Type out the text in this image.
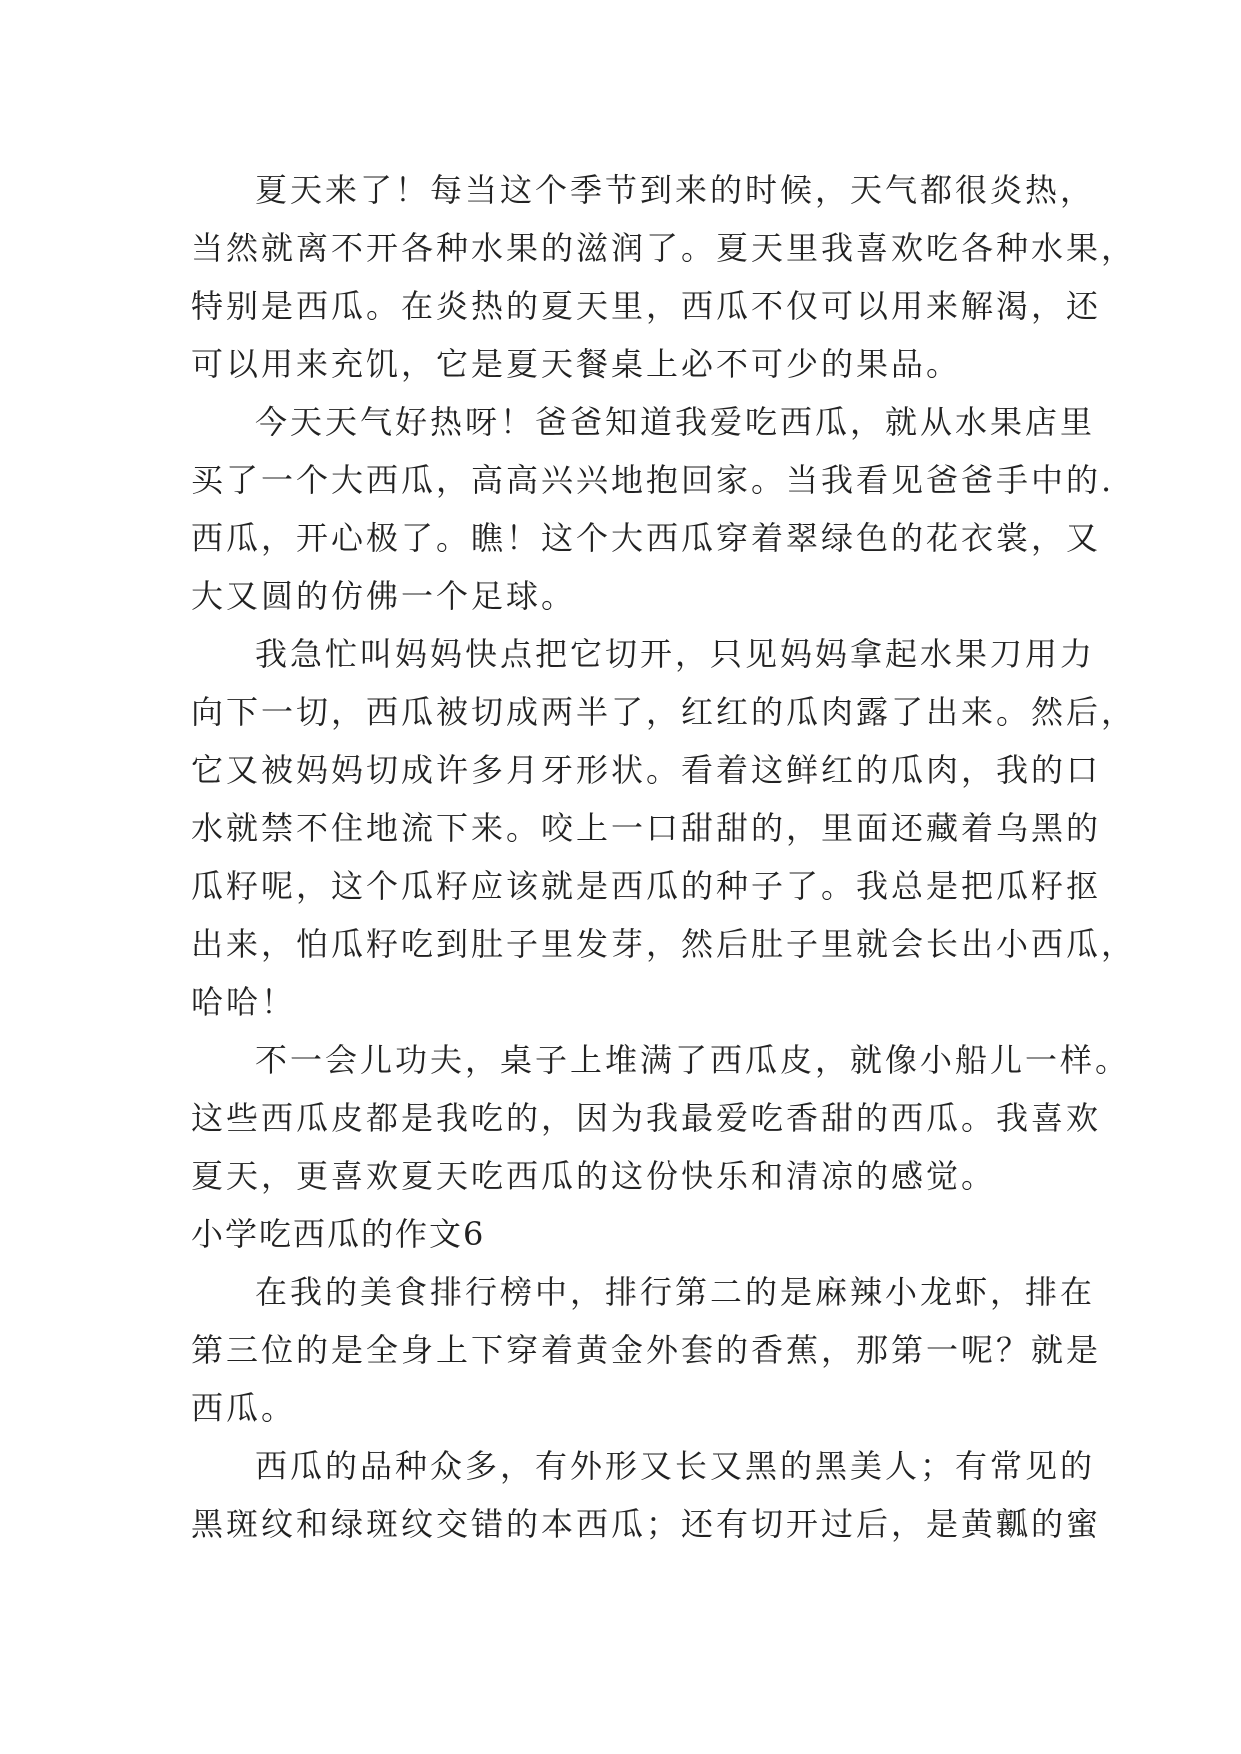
夏天来了！每当这个季节到来的时候，天气都很炎热，
当然就离不开各种水果的滋润了。夏天里我喜欢吃各种水果，
特别是西瓜。在炎热的夏天里，西瓜不仅可以用来解渴，还
可以用来充饥，它是夏天餐桌上必不可少的果品。
今天天气好热呀！爸爸知道我爱吃西瓜，就从水果店里
买了一个大西瓜，高高兴兴地抱回家。当我看见爸爸手中的.
西瓜，开心极了。瞧！这个大西瓜穿着翠绿色的花衣裳，又
大又圆的仿佛一个足球。
我急忙叫妈妈快点把它切开，只见妈妈拿起水果刀用力
向下一切，西瓜被切成两半了，红红的瓜肉露了出来。然后，
它又被妈妈切成许多月牙形状。看着这鲜红的瓜肉，我的口
水就禁不住地流下来。咬上一口甜甜的，里面还藏着乌黑的
瓜籽呢，这个瓜籽应该就是西瓜的种子了。我总是把瓜籽抠
出来，怕瓜籽吃到肚子里发芽，然后肚子里就会长出小西瓜，
哈哈！
不一会儿功夫，桌子上堆满了西瓜皮，就像小船儿一样。
这些西瓜皮都是我吃的，因为我最爱吃香甜的西瓜。我喜欢
夏天，更喜欢夏天吃西瓜的这份快乐和清凉的感觉。
小学吃西瓜的作文6
在我的美食排行榜中，排行第二的是麻辣小龙虾，排在
第三位的是全身上下穿着黄金外套的香蕉，那第一呢？就是
西瓜。
西瓜的品种众多，有外形又长又黑的黑美人；有常见的
黑斑纹和绿斑纹交错的本西瓜；还有切开过后，是黄瓤的蜜
